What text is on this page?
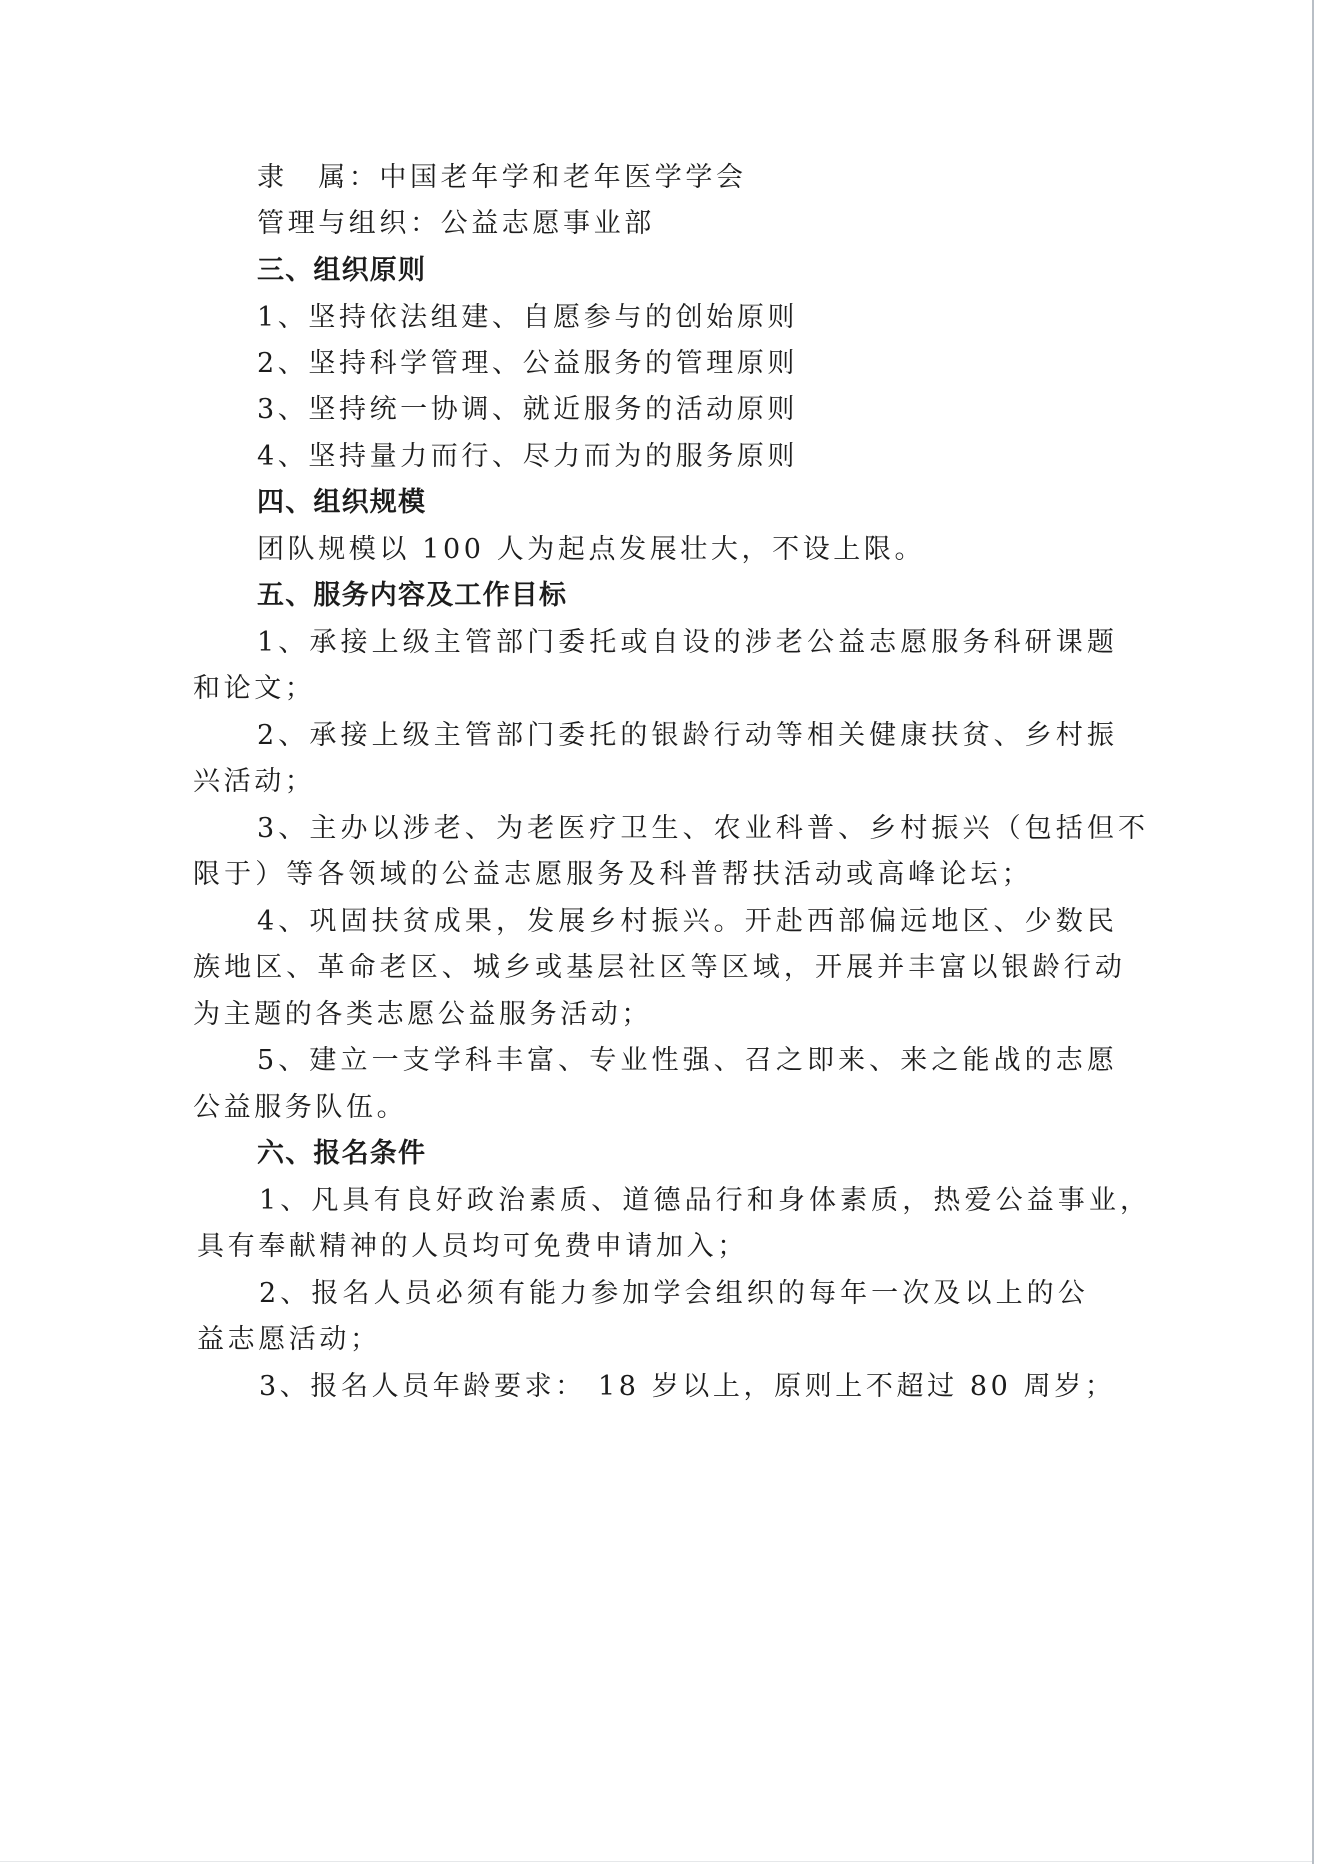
隶　属：中国老年学和老年医学学会
管理与组织：公益志愿事业部
三、组织原则
1、坚持依法组建、自愿参与的创始原则
2、坚持科学管理、公益服务的管理原则
3、坚持统一协调、就近服务的活动原则
4、坚持量力而行、尽力而为的服务原则
四、组织规模
团队规模以 100 人为起点发展壮大，不设上限。
五、服务内容及工作目标
1、承接上级主管部门委托或自设的涉老公益志愿服务科研课题
和论文；
2、承接上级主管部门委托的银龄行动等相关健康扶贫、乡村振
兴活动；
3、主办以涉老、为老医疗卫生、农业科普、乡村振兴（包括但不
限于）等各领域的公益志愿服务及科普帮扶活动或高峰论坛；
4、巩固扶贫成果，发展乡村振兴。开赴西部偏远地区、少数民
族地区、革命老区、城乡或基层社区等区域，开展并丰富以银龄行动
为主题的各类志愿公益服务活动；
5、建立一支学科丰富、专业性强、召之即来、来之能战的志愿
公益服务队伍。
六、报名条件
1、凡具有良好政治素质、道德品行和身体素质，热爱公益事业，
具有奉献精神的人员均可免费申请加入；
2、报名人员必须有能力参加学会组织的每年一次及以上的公
益志愿活动；
3、报名人员年龄要求： 18 岁以上，原则上不超过 80 周岁；
